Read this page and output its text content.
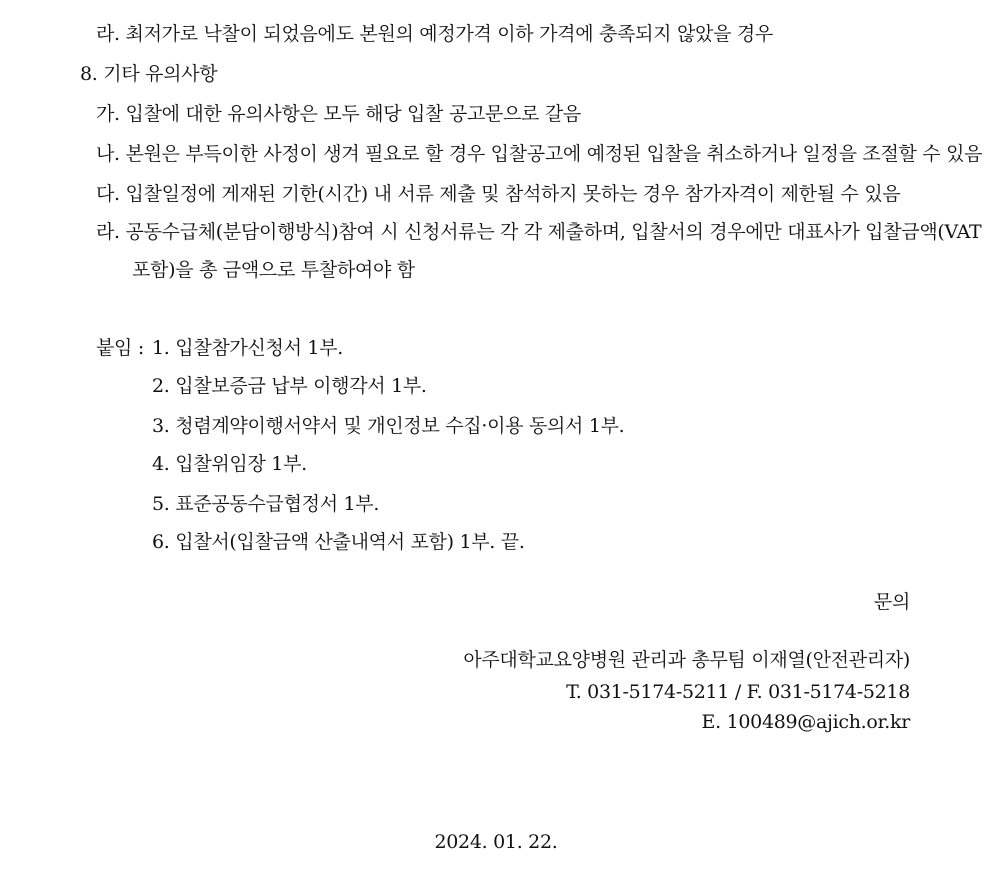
라. 최저가로 낙찰이 되었음에도 본원의 예정가격 이하 가격에 충족되지 않았을 경우

8. 기타 유의사항

가. 입찰에 대한 유의사항은 모두 해당 입찰 공고문으로 갈음

나. 본원은 부득이한 사정이 생겨 필요로 할 경우 입찰공고에 예정된 입찰을 취소하거나 일정을 조절할 수 있음

다. 입찰일정에 게재된 기한(시간) 내 서류 제출 및 참석하지 못하는 경우 참가자격이 제한될 수 있음

라. 공동수급체(분담이행방식)참여 시 신청서류는 각 각 제출하며, 입찰서의 경우에만 대표사가 입찰금액(VAT

포함)을 총 금액으로 투찰하여야 함

붙임 : 1. 입찰참가신청서 1부.

2. 입찰보증금 납부 이행각서 1부.

3. 청렴계약이행서약서 및 개인정보 수집·이용 동의서 1부.

4. 입찰위임장 1부.

5. 표준공동수급협정서 1부.

6. 입찰서(입찰금액 산출내역서 포함) 1부. 끝.

문의

아주대학교요양병원 관리과 총무팀 이재열(안전관리자)

T. 031-5174-5211 / F. 031-5174-5218

E. 100489@ajich.or.kr

2024. 01. 22.
